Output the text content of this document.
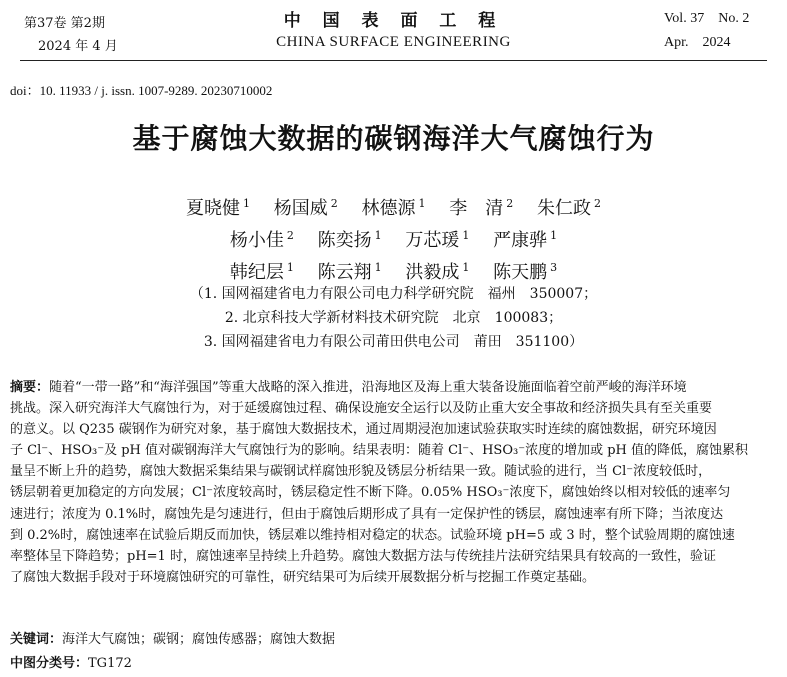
第37卷 第2期
2024 年 4 月
中 国 表 面 工 程
CHINA SURFACE ENGINEERING
Vol. 37 No. 2
Apr. 2024
doi：10. 11933 / j. issn. 1007-9289. 20230710002
基于腐蚀大数据的碳钢海洋大气腐蚀行为
夏晓健 $^1$ 杨国威 $^2$ 林德源 $^1$ 李　清 $^2$ 朱仁政 $^2$
杨小佳 $^2$ 陈奕扬 $^1$ 万芯瑗 $^1$ 严康骅 $^1$
韩纪层 $^1$ 陈云翔 $^1$ 洪毅成 $^1$ 陈天鹏 $^3$
（1. 国网福建省电力有限公司电力科学研究院　福州　350007；
2. 北京科技大学新材料技术研究院　北京　100083；
3. 国网福建省电力有限公司莆田供电公司　莆田　351100）
摘要：随着“一带一路”和“海洋强国”等重大战略的深入推进，沿海地区及海上重大装备设施面临着空前严峻的海洋环境
挑战。深入研究海洋大气腐蚀行为，对于延缓腐蚀过程、确保设施安全运行以及防止重大安全事故和经济损失具有至关重要
的意义。以 Q235 碳钢作为研究对象，基于腐蚀大数据技术，通过周期浸泡加速试验获取实时连续的腐蚀数据，研究环境因
子 Cl⁻、HSO₃⁻及 pH 值对碳钢海洋大气腐蚀行为的影响。结果表明：随着 Cl⁻、HSO₃⁻浓度的增加或 pH 值的降低，腐蚀累积
量呈不断上升的趋势，腐蚀大数据采集结果与碳钢试样腐蚀形貌及锈层分析结果一致。随试验的进行，当 Cl⁻浓度较低时，
锈层朝着更加稳定的方向发展；Cl⁻浓度较高时，锈层稳定性不断下降。0.05% HSO₃⁻浓度下，腐蚀始终以相对较低的速率匀
速进行；浓度为 0.1%时，腐蚀先是匀速进行，但由于腐蚀后期形成了具有一定保护性的锈层，腐蚀速率有所下降；当浓度达
到 0.2%时，腐蚀速率在试验后期反而加快，锈层难以维持相对稳定的状态。试验环境 pH=5 或 3 时，整个试验周期的腐蚀速
率整体呈下降趋势；pH=1 时，腐蚀速率呈持续上升趋势。腐蚀大数据方法与传统挂片法研究结果具有较高的一致性，验证
了腐蚀大数据手段对于环境腐蚀研究的可靠性，研究结果可为后续开展数据分析与挖掘工作奠定基础。
关键词：海洋大气腐蚀；碳钢；腐蚀传感器；腐蚀大数据
中图分类号：TG172
